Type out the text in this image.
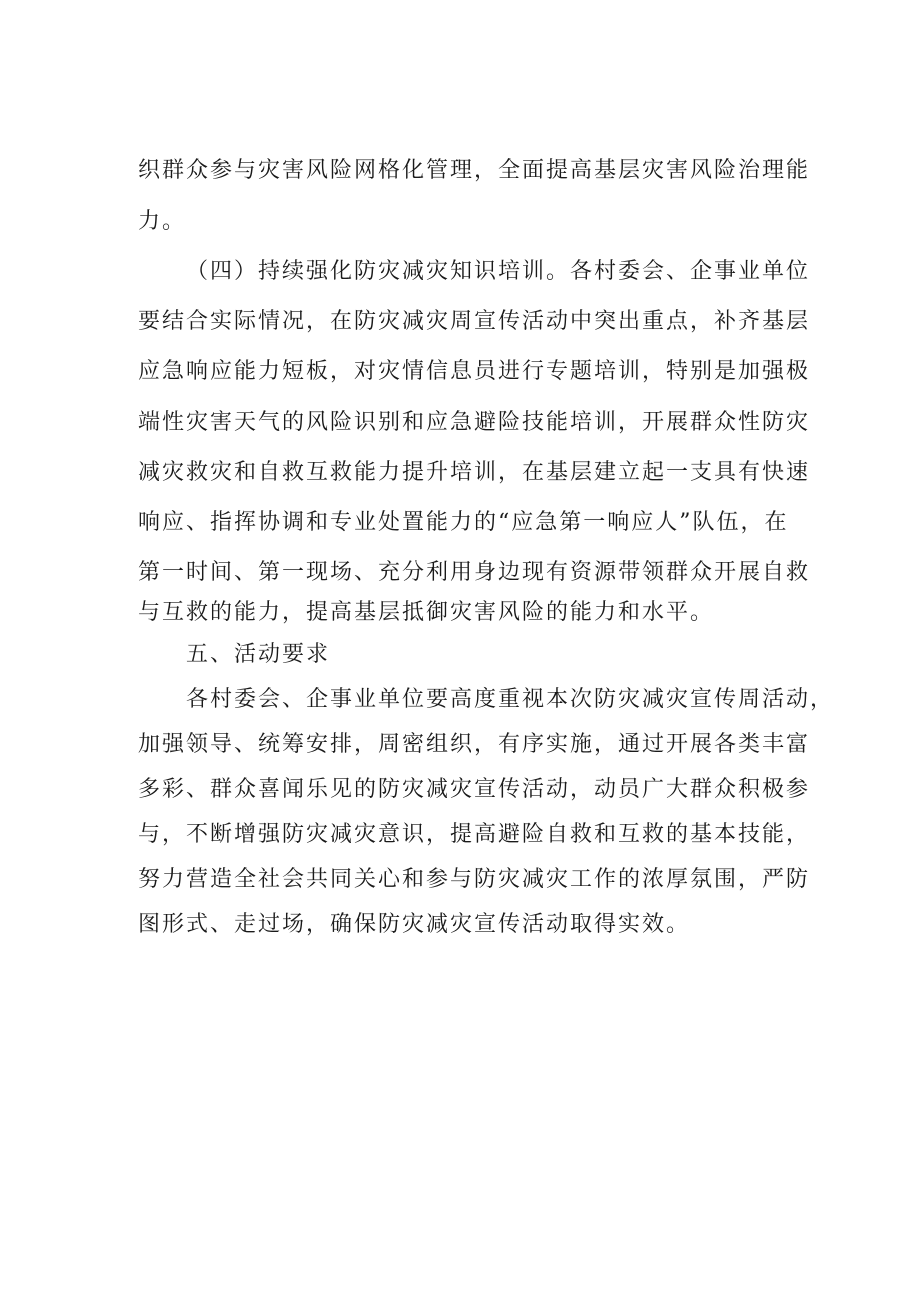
织群众参与灾害风险网格化管理，全面提高基层灾害风险治理能
力。
（四）持续强化防灾减灾知识培训。各村委会、企事业单位
要结合实际情况，在防灾减灾周宣传活动中突出重点，补齐基层
应急响应能力短板，对灾情信息员进行专题培训，特别是加强极
端性灾害天气的风险识别和应急避险技能培训，开展群众性防灾
减灾救灾和自救互救能力提升培训，在基层建立起一支具有快速
响应、指挥协调和专业处置能力的“应急第一响应人”队伍，在
第一时间、第一现场、充分利用身边现有资源带领群众开展自救
与互救的能力，提高基层抵御灾害风险的能力和水平。
五、活动要求
各村委会、企事业单位要高度重视本次防灾减灾宣传周活动，
加强领导、统筹安排，周密组织，有序实施，通过开展各类丰富
多彩、群众喜闻乐见的防灾减灾宣传活动，动员广大群众积极参
与，不断增强防灾减灾意识，提高避险自救和互救的基本技能，
努力营造全社会共同关心和参与防灾减灾工作的浓厚氛围，严防
图形式、走过场，确保防灾减灾宣传活动取得实效。
